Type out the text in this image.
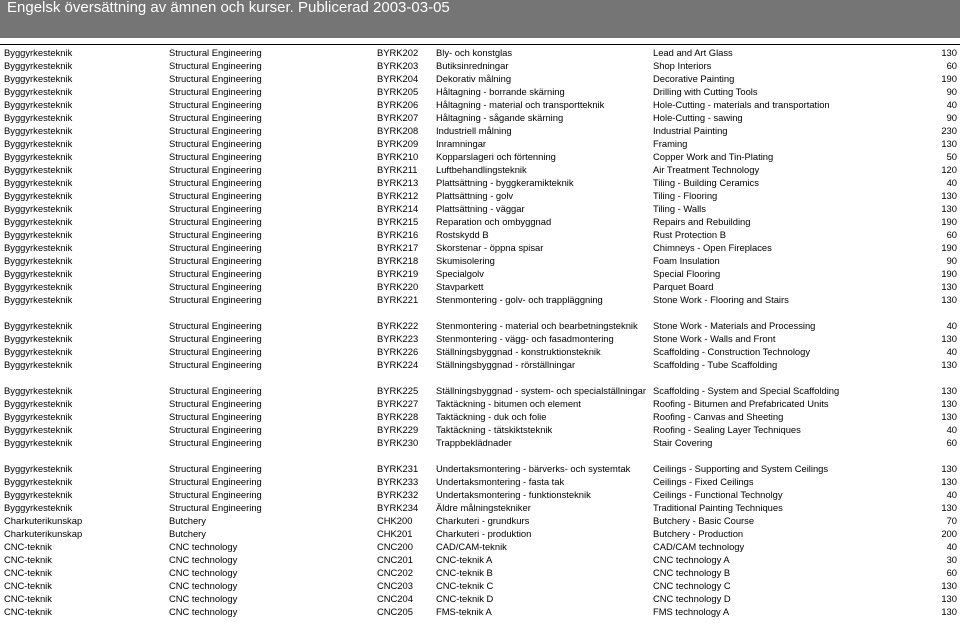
Engelsk översättning av ämnen och kurser. Publicerad 2003-03-05
Byggyrkesteknik	Structural Engineering	BYRK202	Bly- och konstglas	Lead and Art Glass	130
Byggyrkesteknik	Structural Engineering	BYRK203	Butiksinredningar	Shop Interiors	60
Byggyrkesteknik	Structural Engineering	BYRK204	Dekorativ målning	Decorative Painting	190
Byggyrkesteknik	Structural Engineering	BYRK205	Håltagning - borrande skärning	Drilling with Cutting Tools	90
Byggyrkesteknik	Structural Engineering	BYRK206	Håltagning - material och transportteknik	Hole-Cutting - materials and transportation	40
Byggyrkesteknik	Structural Engineering	BYRK207	Håltagning - sågande skärning	Hole-Cutting - sawing	90
Byggyrkesteknik	Structural Engineering	BYRK208	Industriell målning	Industrial Painting	230
Byggyrkesteknik	Structural Engineering	BYRK209	Inramningar	Framing	130
Byggyrkesteknik	Structural Engineering	BYRK210	Kopparslageri och förtenning	Copper Work and Tin-Plating	50
Byggyrkesteknik	Structural Engineering	BYRK211	Luftbehandlingsteknik	Air Treatment Technology	120
Byggyrkesteknik	Structural Engineering	BYRK213	Plattsättning - byggkeramikteknik	Tiling - Building Ceramics	40
Byggyrkesteknik	Structural Engineering	BYRK212	Plattsättning - golv	Tiling - Flooring	130
Byggyrkesteknik	Structural Engineering	BYRK214	Plattsättning - väggar	Tiling - Walls	130
Byggyrkesteknik	Structural Engineering	BYRK215	Reparation och ombyggnad	Repairs and Rebuilding	190
Byggyrkesteknik	Structural Engineering	BYRK216	Rostskydd B	Rust Protection B	60
Byggyrkesteknik	Structural Engineering	BYRK217	Skorstenar - öppna spisar	Chimneys - Open Fireplaces	190
Byggyrkesteknik	Structural Engineering	BYRK218	Skumisolering	Foam Insulation	90
Byggyrkesteknik	Structural Engineering	BYRK219	Specialgolv	Special Flooring	190
Byggyrkesteknik	Structural Engineering	BYRK220	Stavparkett	Parquet Board	130
Byggyrkesteknik	Structural Engineering	BYRK221	Stenmontering - golv- och trappläggning	Stone Work - Flooring and Stairs	130
Byggyrkesteknik	Structural Engineering	BYRK222	Stenmontering - material och bearbetningsteknik	Stone Work - Materials and Processing	40
Byggyrkesteknik	Structural Engineering	BYRK223	Stenmontering - vägg- och fasadmontering	Stone Work - Walls and Front	130
Byggyrkesteknik	Structural Engineering	BYRK226	Ställningsbyggnad - konstruktionsteknik	Scaffolding - Construction Technology	40
Byggyrkesteknik	Structural Engineering	BYRK224	Ställningsbyggnad - rörställningar	Scaffolding - Tube Scaffolding	130
Byggyrkesteknik	Structural Engineering	BYRK225	Ställningsbyggnad - system- och specialställningar	Scaffolding - System and Special Scaffolding	130
Byggyrkesteknik	Structural Engineering	BYRK227	Taktäckning - bitumen och element	Roofing - Bitumen and Prefabricated Units	130
Byggyrkesteknik	Structural Engineering	BYRK228	Taktäckning - duk och folie	Roofing - Canvas and Sheeting	130
Byggyrkesteknik	Structural Engineering	BYRK229	Taktäckning - tätskiktsteknik	Roofing - Sealing Layer Techniques	40
Byggyrkesteknik	Structural Engineering	BYRK230	Trappbeklädnader	Stair Covering	60
Byggyrkesteknik	Structural Engineering	BYRK231	Undertaksmontering - bärverks- och systemtak	Ceilings - Supporting and System Ceilings	130
Byggyrkesteknik	Structural Engineering	BYRK233	Undertaksmontering - fasta tak	Ceilings - Fixed Ceilings	130
Byggyrkesteknik	Structural Engineering	BYRK232	Undertaksmontering - funktionsteknik	Ceilings - Functional Technolgy	40
Byggyrkesteknik	Structural Engineering	BYRK234	Äldre målningstekniker	Traditional Painting Techniques	130
Charkuterikunskap	Butchery	CHK200	Charkuteri - grundkurs	Butchery - Basic Course	70
Charkuterikunskap	Butchery	CHK201	Charkuteri - produktion	Butchery - Production	200
CNC-teknik	CNC technology	CNC200	CAD/CAM-teknik	CAD/CAM technology	40
CNC-teknik	CNC technology	CNC201	CNC-teknik A	CNC technology A	30
CNC-teknik	CNC technology	CNC202	CNC-teknik B	CNC technology B	60
CNC-teknik	CNC technology	CNC203	CNC-teknik C	CNC technology C	130
CNC-teknik	CNC technology	CNC204	CNC-teknik D	CNC technology D	130
CNC-teknik	CNC technology	CNC205	FMS-teknik A	FMS technology A	130
